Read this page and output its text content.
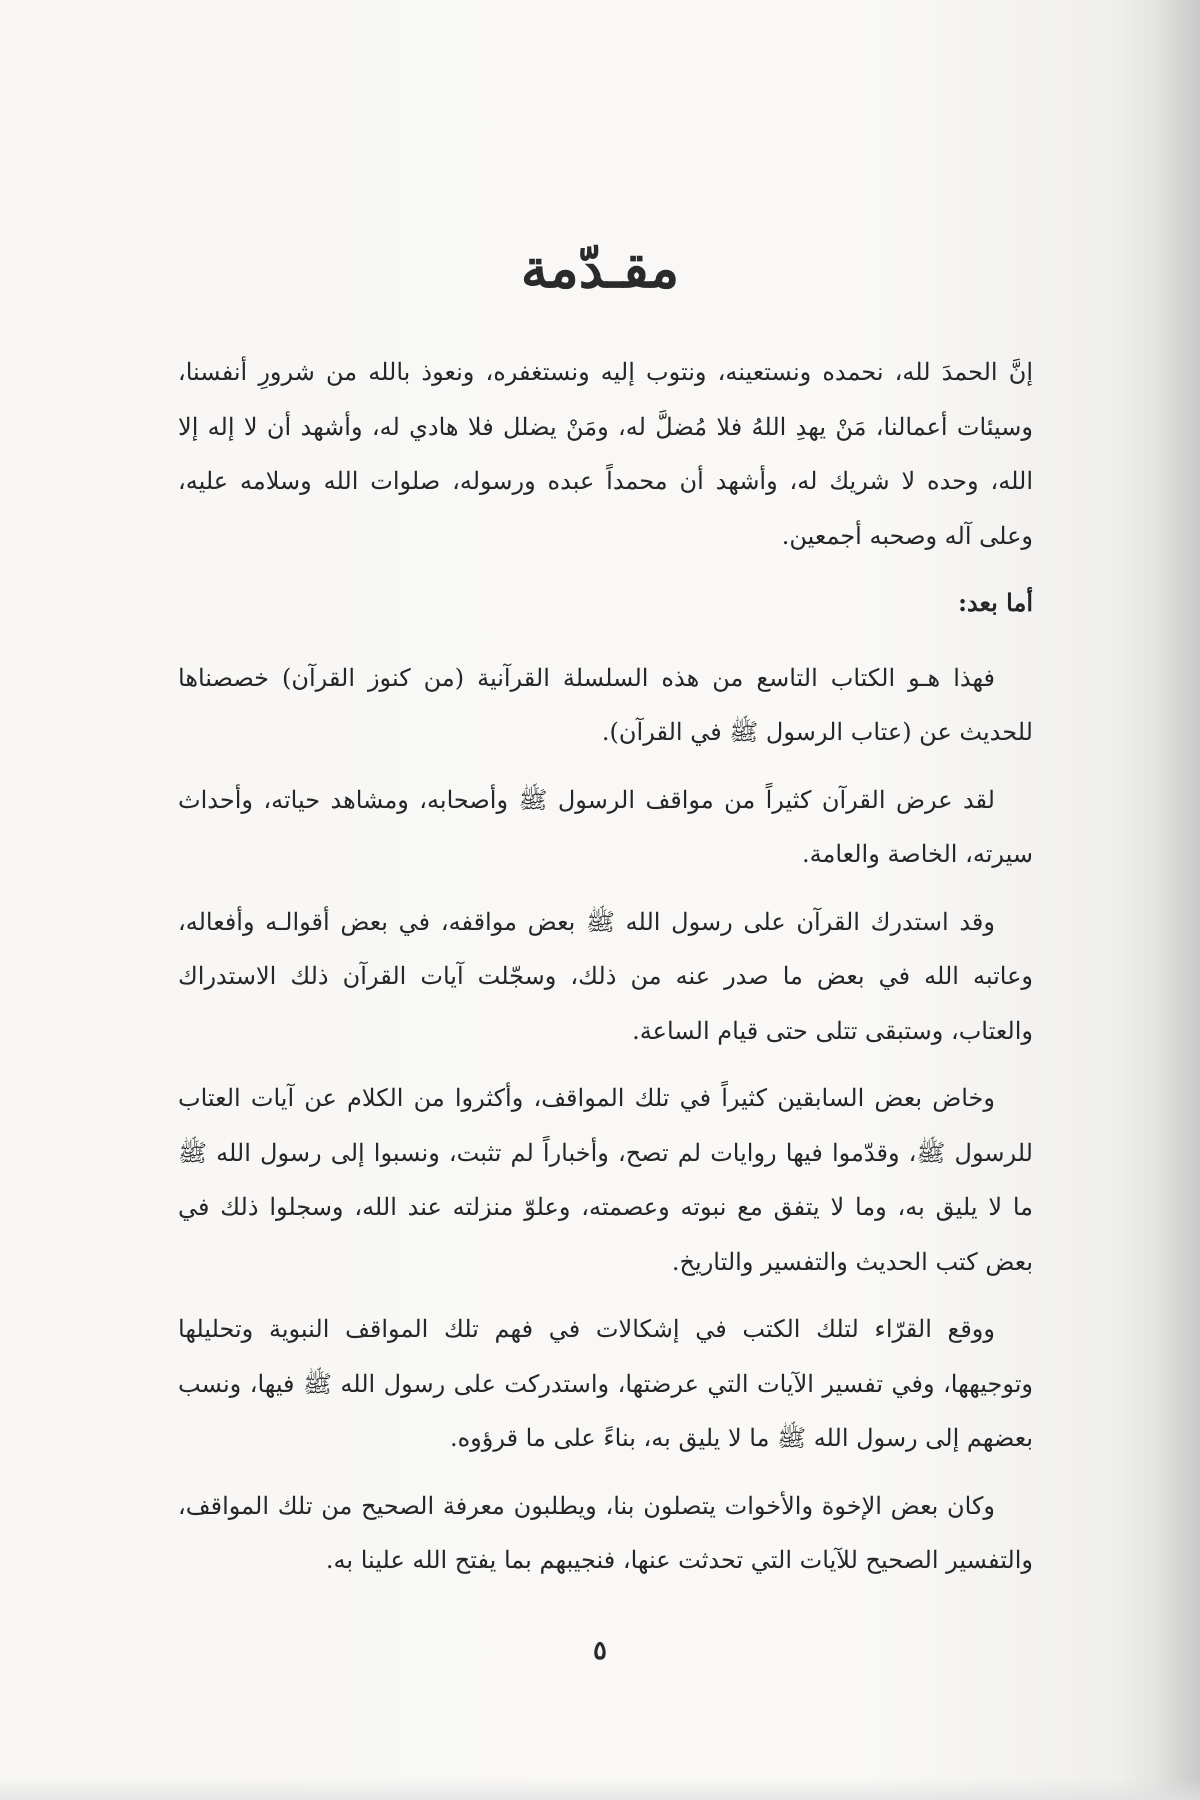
مقـدّمة

إنَّ الحمدَ لله، نحمده ونستعينه، ونتوب إليه ونستغفره، ونعوذ بالله من شرورِ أنفسنا، وسيئات أعمالنا، مَنْ يهدِ اللهُ فلا مُضلَّ له، ومَنْ يضلل فلا هادي له، وأشهد أن لا إله إلا الله، وحده لا شريك له، وأشهد أن محمداً عبده ورسوله، صلوات الله وسلامه عليه، وعلى آله وصحبه أجمعين.

أما بعد:

فهذا هـو الكتاب التاسع من هذه السلسلة القرآنية (من كنوز القرآن) خصصناها للحديث عن (عتاب الرسول ﷺ في القرآن).

لقد عرض القرآن كثيراً من مواقف الرسول ﷺ وأصحابه، ومشاهد حياته، وأحداث سيرته، الخاصة والعامة.

وقد استدرك القرآن على رسول الله ﷺ بعض مواقفه، في بعض أقوالـه وأفعاله، وعاتبه الله في بعض ما صدر عنه من ذلك، وسجّلت آيات القرآن ذلك الاستدراك والعتاب، وستبقى تتلى حتى قيام الساعة.

وخاض بعض السابقين كثيراً في تلك المواقف، وأكثروا من الكلام عن آيات العتاب للرسول ﷺ، وقدّموا فيها روايات لم تصح، وأخباراً لم تثبت، ونسبوا إلى رسول الله ﷺ ما لا يليق به، وما لا يتفق مع نبوته وعصمته، وعلوّ منزلته عند الله، وسجلوا ذلك في بعض كتب الحديث والتفسير والتاريخ.

ووقع القرّاء لتلك الكتب في إشكالات في فهم تلك المواقف النبوية وتحليلها وتوجيهها، وفي تفسير الآيات التي عرضتها، واستدركت على رسول الله ﷺ فيها، ونسب بعضهم إلى رسول الله ﷺ ما لا يليق به، بناءً على ما قرؤوه.

وكان بعض الإخوة والأخوات يتصلون بنا، ويطلبون معرفة الصحيح من تلك المواقف، والتفسير الصحيح للآيات التي تحدثت عنها، فنجيبهم بما يفتح الله علينا به.

٥
